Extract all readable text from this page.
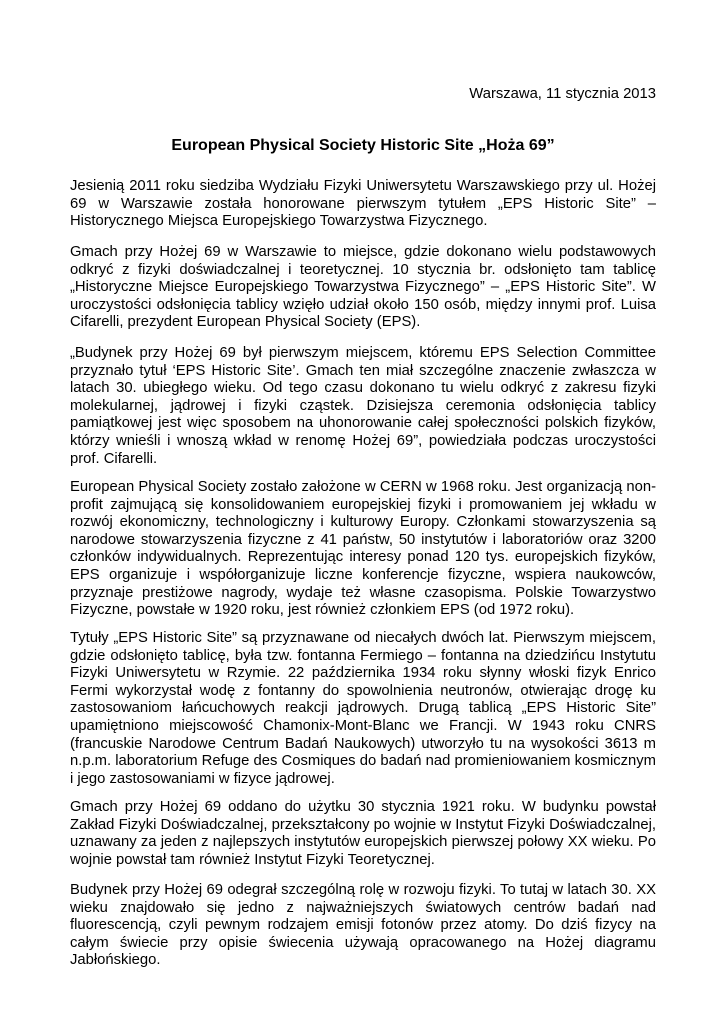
Warszawa, 11 stycznia 2013
European Physical Society Historic Site „Hoża 69”

Jesienią 2011 roku siedziba Wydziału Fizyki Uniwersytetu Warszawskiego przy ul. Hożej 69 w Warszawie została honorowane pierwszym tytułem „EPS Historic Site” – Historycznego Miejsca Europejskiego Towarzystwa Fizycznego.

Gmach przy Hożej 69 w Warszawie to miejsce, gdzie dokonano wielu podstawowych odkryć z fizyki doświadczalnej i teoretycznej. 10 stycznia br. odsłonięto tam tablicę „Historyczne Miejsce Europejskiego Towarzystwa Fizycznego” – „EPS Historic Site”. W uroczystości odsłonięcia tablicy wzięło udział około 150 osób, między innymi prof. Luisa Cifarelli, prezydent European Physical Society (EPS).

„Budynek przy Hożej 69 był pierwszym miejscem, któremu EPS Selection Committee przyznało tytuł ‘EPS Historic Site’. Gmach ten miał szczególne znaczenie zwłaszcza w latach 30. ubiegłego wieku. Od tego czasu dokonano tu wielu odkryć z zakresu fizyki molekularnej, jądrowej i fizyki cząstek. Dzisiejsza ceremonia odsłonięcia tablicy pamiątkowej jest więc sposobem na uhonorowanie całej społeczności polskich fizyków, którzy wnieśli i wnoszą wkład w renomę Hożej 69”, powiedziała podczas uroczystości prof. Cifarelli.

European Physical Society zostało założone w CERN w 1968 roku. Jest organizacją non-profit zajmującą się konsolidowaniem europejskiej fizyki i promowaniem jej wkładu w rozwój ekonomiczny, technologiczny i kulturowy Europy. Członkami stowarzyszenia są narodowe stowarzyszenia fizyczne z 41 państw, 50 instytutów i laboratoriów oraz 3200 członków indywidualnych. Reprezentując interesy ponad 120 tys. europejskich fizyków, EPS organizuje i współorganizuje liczne konferencje fizyczne, wspiera naukowców, przyznaje prestiżowe nagrody, wydaje też własne czasopisma. Polskie Towarzystwo Fizyczne, powstałe w 1920 roku, jest również członkiem EPS (od 1972 roku).

Tytuły „EPS Historic Site” są przyznawane od niecałych dwóch lat. Pierwszym miejscem, gdzie odsłonięto tablicę, była tzw. fontanna Fermiego – fontanna na dziedzińcu Instytutu Fizyki Uniwersytetu w Rzymie. 22 października 1934 roku słynny włoski fizyk Enrico Fermi wykorzystał wodę z fontanny do spowolnienia neutronów, otwierając drogę ku zastosowaniom łańcuchowych reakcji jądrowych. Drugą tablicą „EPS Historic Site” upamiętniono miejscowość Chamonix-Mont-Blanc we Francji. W 1943 roku CNRS (francuskie Narodowe Centrum Badań Naukowych) utworzyło tu na wysokości 3613 m n.p.m. laboratorium Refuge des Cosmiques do badań nad promieniowaniem kosmicznym i jego zastosowaniami w fizyce jądrowej.

Gmach przy Hożej 69 oddano do użytku 30 stycznia 1921 roku. W budynku powstał Zakład Fizyki Doświadczalnej, przekształcony po wojnie w Instytut Fizyki Doświadczalnej, uznawany za jeden z najlepszych instytutów europejskich pierwszej połowy XX wieku. Po wojnie powstał tam również Instytut Fizyki Teoretycznej.

Budynek przy Hożej 69 odegrał szczególną rolę w rozwoju fizyki. To tutaj w latach 30. XX wieku znajdowało się jedno z najważniejszych światowych centrów badań nad fluorescencją, czyli pewnym rodzajem emisji fotonów przez atomy. Do dziś fizycy na całym świecie przy opisie świecenia używają opracowanego na Hożej diagramu Jabłońskiego.
